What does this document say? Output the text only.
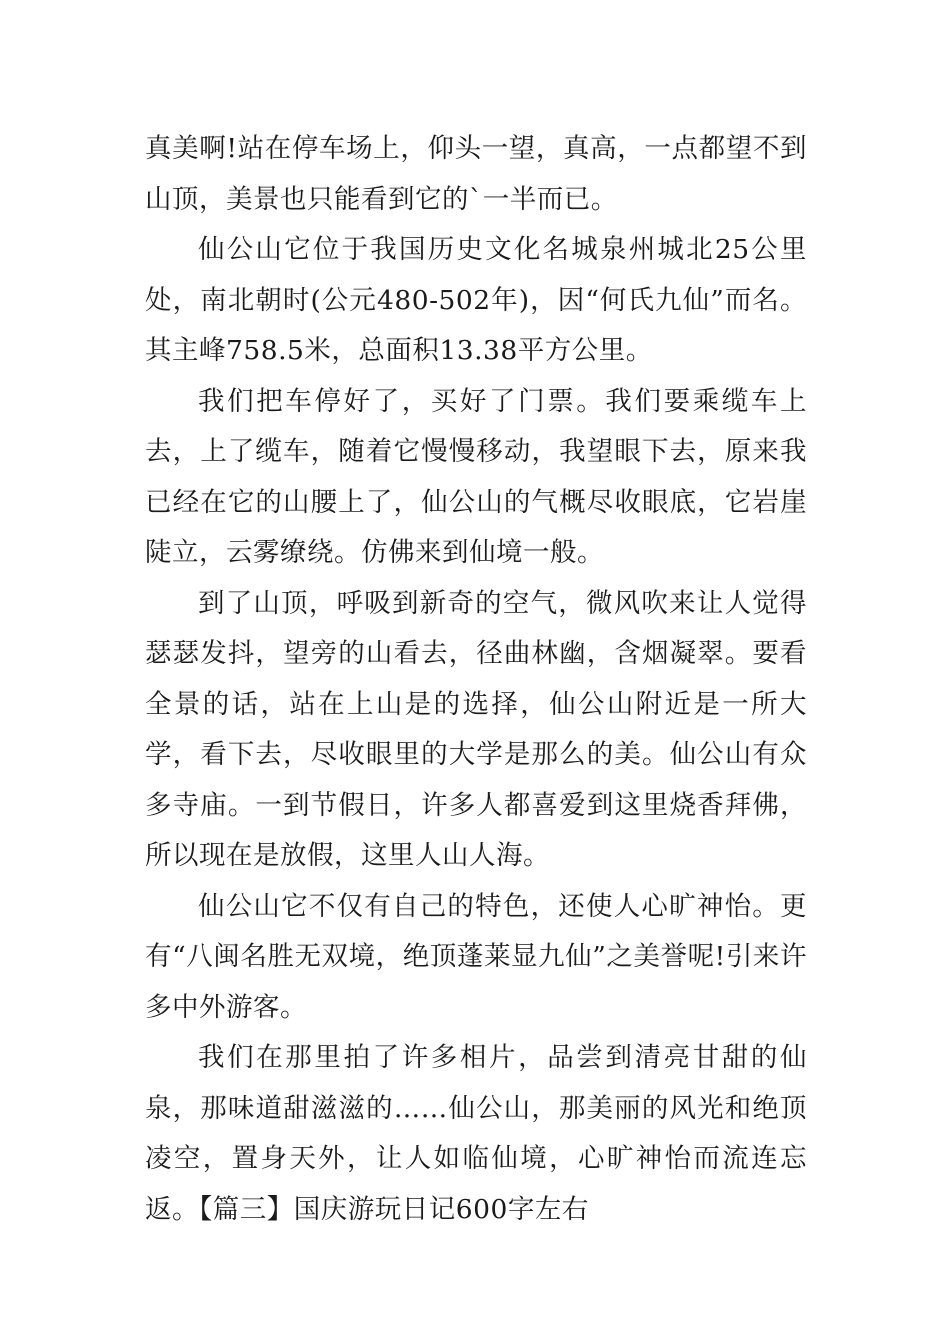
真美啊!站在停车场上，仰头一望，真高，一点都望不到山顶，美景也只能看到它的`一半而已。

仙公山它位于我国历史文化名城泉州城北25公里处，南北朝时(公元480-502年)，因“何氏九仙”而名。其主峰758.5米，总面积13.38平方公里。

我们把车停好了，买好了门票。我们要乘缆车上去，上了缆车，随着它慢慢移动，我望眼下去，原来我已经在它的山腰上了，仙公山的气概尽收眼底，它岩崖陡立，云雾缭绕。仿佛来到仙境一般。

到了山顶，呼吸到新奇的空气，微风吹来让人觉得瑟瑟发抖，望旁的山看去，径曲林幽，含烟凝翠。要看全景的话，站在上山是的选择，仙公山附近是一所大学，看下去，尽收眼里的大学是那么的美。仙公山有众多寺庙。一到节假日，许多人都喜爱到这里烧香拜佛，所以现在是放假，这里人山人海。

仙公山它不仅有自己的特色，还使人心旷神怡。更有“八闽名胜无双境，绝顶蓬莱显九仙”之美誉呢!引来许多中外游客。

我们在那里拍了许多相片，品尝到清亮甘甜的仙泉，那味道甜滋滋的……仙公山，那美丽的风光和绝顶凌空，置身天外，让人如临仙境，心旷神怡而流连忘返。【篇三】国庆游玩日记600字左右
